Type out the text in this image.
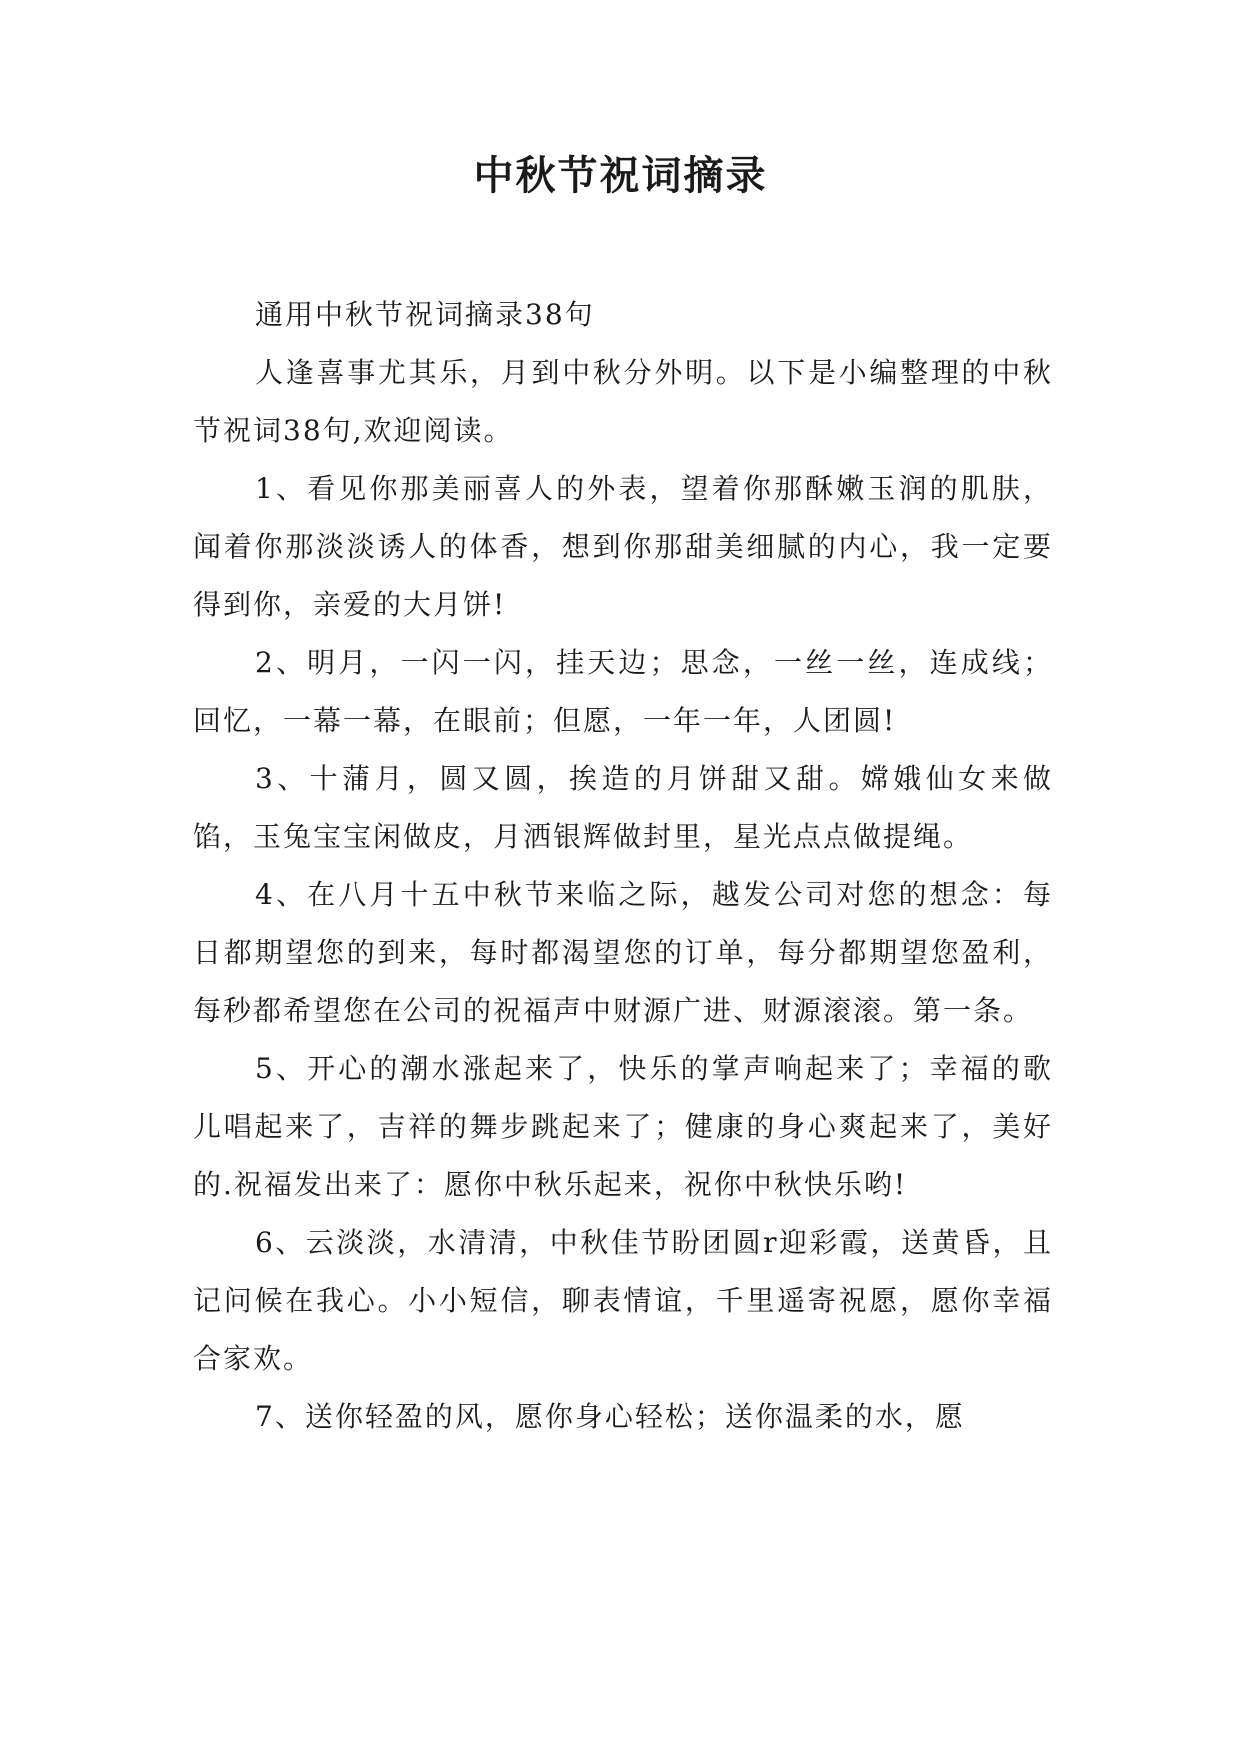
中秋节祝词摘录

通用中秋节祝词摘录38句

人逢喜事尤其乐，月到中秋分外明。以下是小编整理的中秋节祝词38句,欢迎阅读。

1、看见你那美丽喜人的外表，望着你那酥嫩玉润的肌肤，闻着你那淡淡诱人的体香，想到你那甜美细腻的内心，我一定要得到你，亲爱的大月饼!

2、明月，一闪一闪，挂天边；思念，一丝一丝，连成线；回忆，一幕一幕，在眼前；但愿，一年一年，人团圆!

3、十蒲月，圆又圆，挨造的月饼甜又甜。嫦娥仙女来做馅，玉兔宝宝闲做皮，月洒银辉做封里，星光点点做提绳。

4、在八月十五中秋节来临之际，越发公司对您的想念：每日都期望您的到来，每时都渴望您的订单，每分都期望您盈利，每秒都希望您在公司的祝福声中财源广进、财源滚滚。第一条。

5、开心的潮水涨起来了，快乐的掌声响起来了；幸福的歌儿唱起来了，吉祥的舞步跳起来了；健康的身心爽起来了，美好的.祝福发出来了：愿你中秋乐起来，祝你中秋快乐哟!

6、云淡淡，水清清，中秋佳节盼团圆r迎彩霞，送黄昏，且记问候在我心。小小短信，聊表情谊，千里遥寄祝愿，愿你幸福合家欢。

7、送你轻盈的风，愿你身心轻松；送你温柔的水，愿
